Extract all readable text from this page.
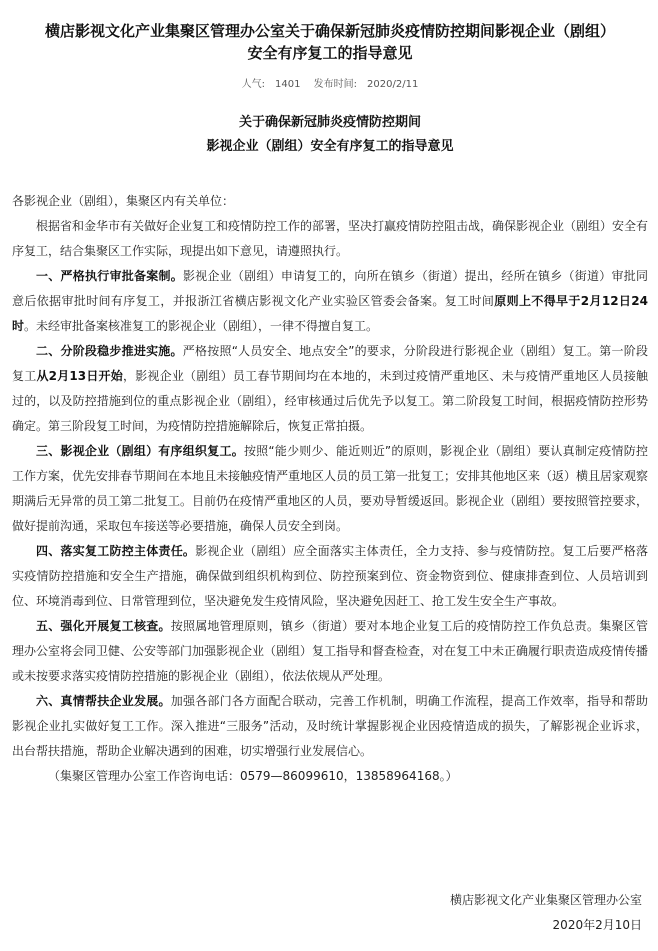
横店影视文化产业集聚区管理办公室关于确保新冠肺炎疫情防控期间影视企业（剧组）
安全有序复工的指导意见
人气: 1401 发布时间: 2020/2/11
关于确保新冠肺炎疫情防控期间
影视企业（剧组）安全有序复工的指导意见

各影视企业（剧组），集聚区内有关单位：

根据省和金华市有关做好企业复工和疫情防控工作的部署，坚决打赢疫情防控阻击战，确保影视企业（剧组）安全有序复工，结合集聚区工作实际，现提出如下意见，请遵照执行。

一、严格执行审批备案制。影视企业（剧组）申请复工的，向所在镇乡（街道）提出，经所在镇乡（街道）审批同意后依据审批时间有序复工，并报浙江省横店影视文化产业实验区管委会备案。复工时间原则上不得早于2月12日24时。未经审批备案核准复工的影视企业（剧组），一律不得擅自复工。

二、分阶段稳步推进实施。严格按照“人员安全、地点安全”的要求，分阶段进行影视企业（剧组）复工。第一阶段复工从2月13日开始，影视企业（剧组）员工春节期间均在本地的，未到过疫情严重地区、未与疫情严重地区人员接触过的，以及防控措施到位的重点影视企业（剧组），经审核通过后优先予以复工。第二阶段复工时间，根据疫情防控形势确定。第三阶段复工时间，为疫情防控措施解除后，恢复正常拍摄。

三、影视企业（剧组）有序组织复工。按照“能少则少、能近则近”的原则，影视企业（剧组）要认真制定疫情防控工作方案，优先安排春节期间在本地且未接触疫情严重地区人员的员工第一批复工；安排其他地区来（返）横且居家观察期满后无异常的员工第二批复工。目前仍在疫情严重地区的人员，要劝导暂缓返回。影视企业（剧组）要按照管控要求，做好提前沟通，采取包车接送等必要措施，确保人员安全到岗。

四、落实复工防控主体责任。影视企业（剧组）应全面落实主体责任，全力支持、参与疫情防控。复工后要严格落实疫情防控措施和安全生产措施，确保做到组织机构到位、防控预案到位、资金物资到位、健康排查到位、人员培训到位、环境消毒到位、日常管理到位，坚决避免发生疫情风险，坚决避免因赶工、抢工发生安全生产事故。

五、强化开展复工核查。按照属地管理原则，镇乡（街道）要对本地企业复工后的疫情防控工作负总责。集聚区管理办公室将会同卫健、公安等部门加强影视企业（剧组）复工指导和督查检查，对在复工中未正确履行职责造成疫情传播或未按要求落实疫情防控措施的影视企业（剧组），依法依规从严处理。

六、真情帮扶企业发展。加强各部门各方面配合联动，完善工作机制，明确工作流程，提高工作效率，指导和帮助影视企业扎实做好复工工作。深入推进“三服务”活动，及时统计掌握影视企业因疫情造成的损失，了解影视企业诉求，出台帮扶措施，帮助企业解决遇到的困难，切实增强行业发展信心。

（集聚区管理办公室工作咨询电话：0579—86099610，13858964168。）

横店影视文化产业集聚区管理办公室
2020年2月10日
